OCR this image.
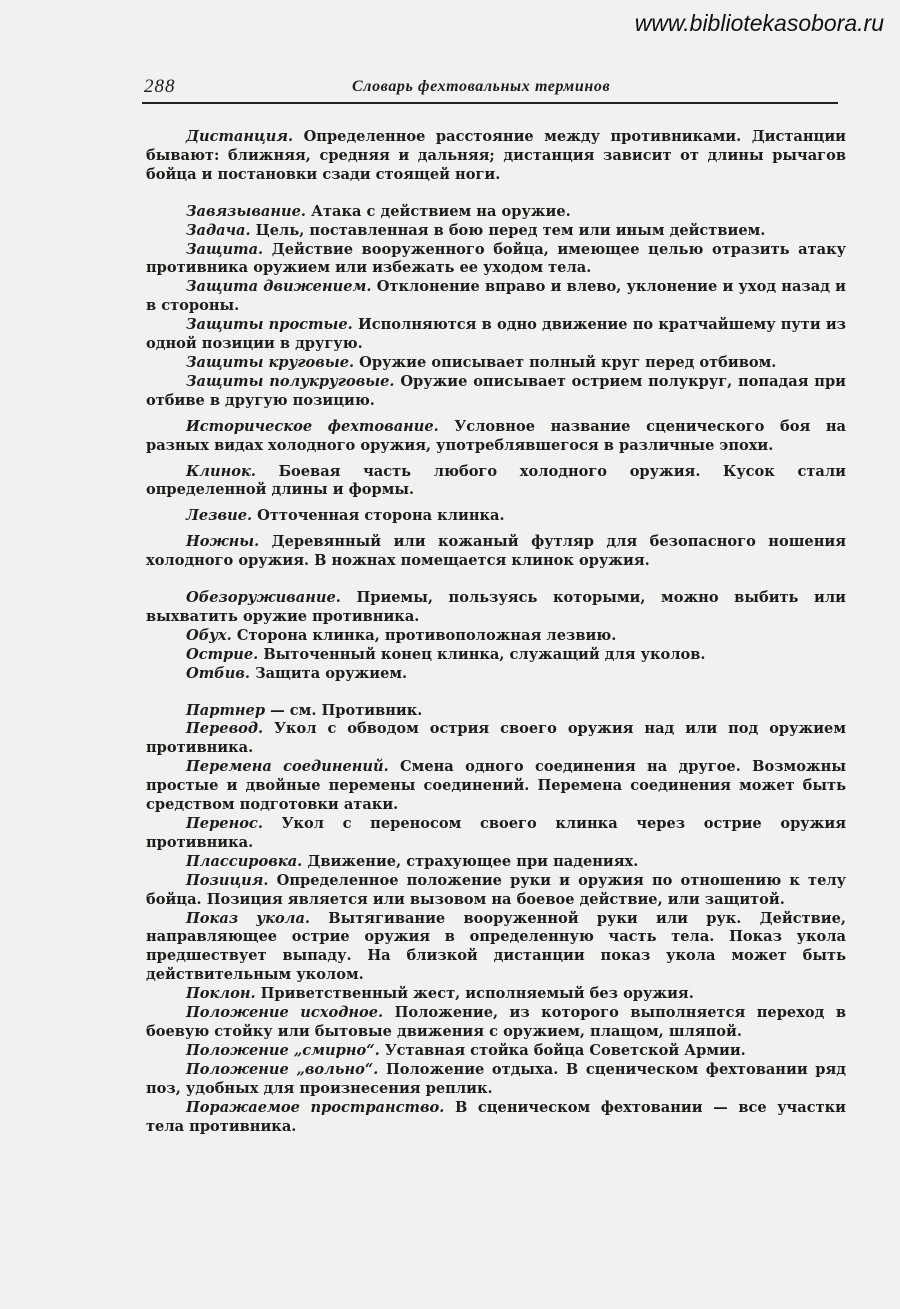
www.bibliotekasobora.ru
288	Словарь фехтовальных терминов

Дистанция. Определенное расстояние между противниками. Дистанции бывают: ближняя, средняя и дальняя; дистанция зависит от длины рычагов бойца и постановки сзади стоящей ноги.

Завязывание. Атака с действием на оружие.

Задача. Цель, поставленная в бою перед тем или иным действием.

Защита. Действие вооруженного бойца, имеющее целью отразить атаку противника оружием или избежать ее уходом тела.

Защита движением. Отклонение вправо и влево, уклонение и уход назад и в стороны.

Защиты простые. Исполняются в одно движение по кратчайшему пути из одной позиции в другую.

Защиты круговые. Оружие описывает полный круг перед отбивом.

Защиты полукруговые. Оружие описывает острием полукруг, попадая при отбиве в другую позицию.

Историческое фехтование. Условное название сценического боя на разных видах холодного оружия, употреблявшегося в различные эпохи.

Клинок. Боевая часть любого холодного оружия. Кусок стали определенной длины и формы.

Лезвие. Отточенная сторона клинка.

Ножны. Деревянный или кожаный футляр для безопасного ношения холодного оружия. В ножнах помещается клинок оружия.

Обезоруживание. Приемы, пользуясь которыми, можно выбить или выхватить оружие противника.

Обух. Сторона клинка, противоположная лезвию.

Острие. Выточенный конец клинка, служащий для уколов.

Отбив. Защита оружием.

Партнер — см. Противник.

Перевод. Укол с обводом острия своего оружия над или под оружием противника.

Перемена соединений. Смена одного соединения на другое. Возможны простые и двойные перемены соединений. Перемена соединения может быть средством подготовки атаки.

Перенос. Укол с переносом своего клинка через острие оружия противника.

Плассировка. Движение, страхующее при падениях.

Позиция. Определенное положение руки и оружия по отношению к телу бойца. Позиция является или вызовом на боевое действие, или защитой.

Показ укола. Вытягивание вооруженной руки или рук. Действие, направляющее острие оружия в определенную часть тела. Показ укола предшествует выпаду. На близкой дистанции показ укола может быть действительным уколом.

Поклон. Приветственный жест, исполняемый без оружия.

Положение исходное. Положение, из которого выполняется переход в боевую стойку или бытовые движения с оружием, плащом, шляпой.

Положение „смирно“. Уставная стойка бойца Советской Армии.

Положение „вольно“. Положение отдыха. В сценическом фехтовании ряд поз, удобных для произнесения реплик.

Поражаемое пространство. В сценическом фехтовании — все участки тела противника.
